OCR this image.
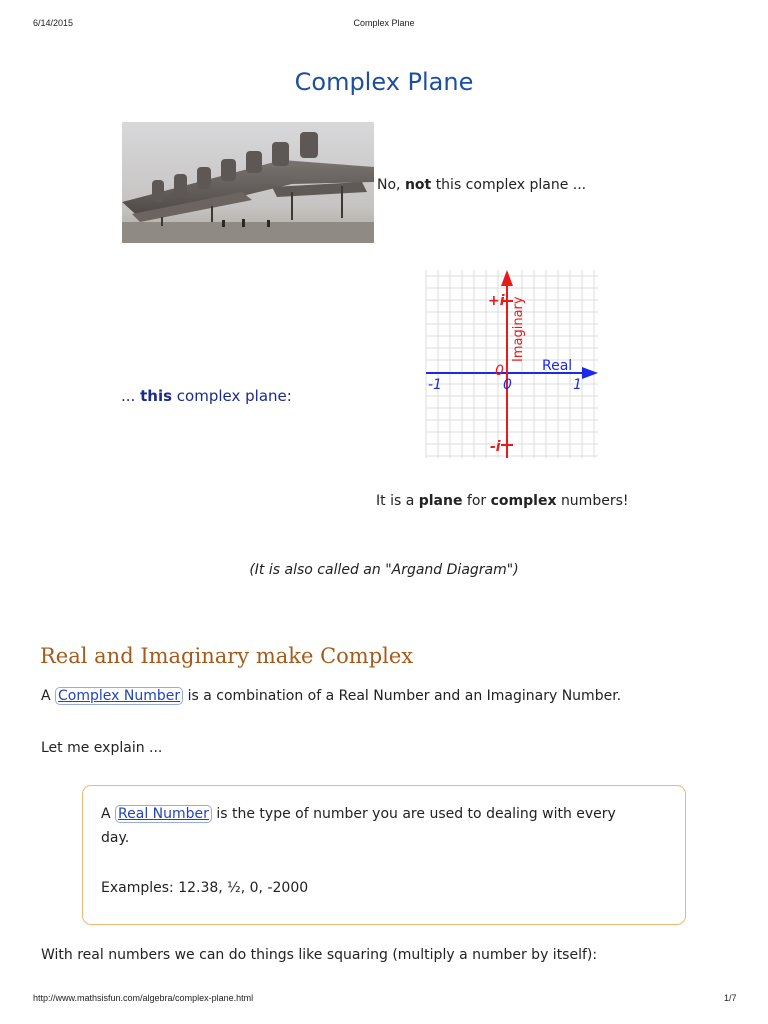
6/14/2015	Complex Plane
Complex Plane
No, not this complex plane ...
... this complex plane:
+i
-i
Imaginary
Real
0
0
-1	1
It is a plane for complex numbers!
(It is also called an "Argand Diagram")
Real and Imaginary make Complex
A Complex Number is a combination of a Real Number and an Imaginary Number.
Let me explain ...
A Real Number is the type of number you are used to dealing with every
day.
Examples: 12.38, ½, 0, -2000
With real numbers we can do things like squaring (multiply a number by itself):
http://www.mathsisfun.com/algebra/complex-plane.html	1/7
